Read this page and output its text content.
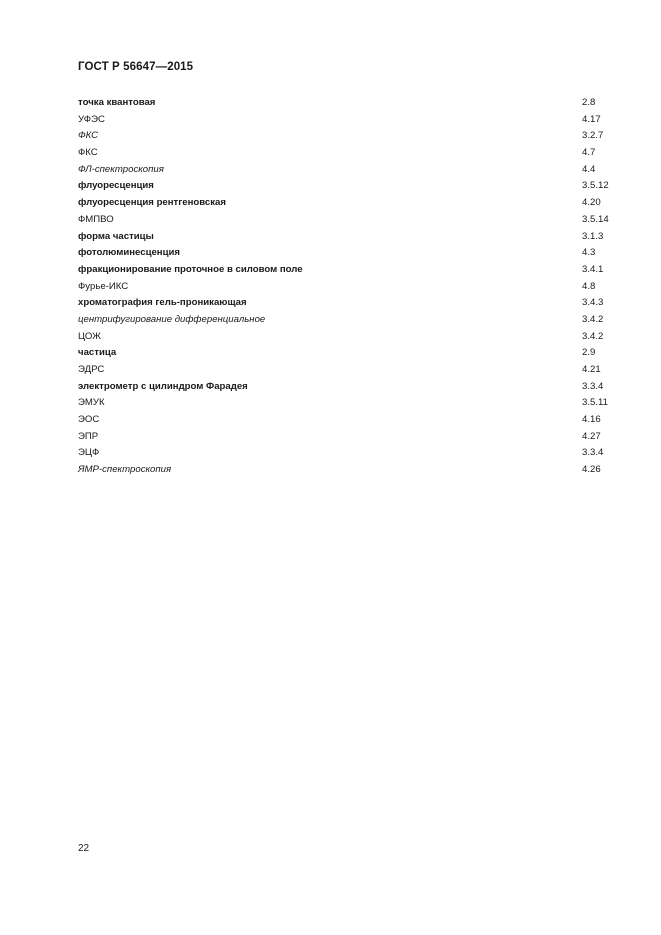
ГОСТ Р 56647—2015
точка квантовая	2.8
УФЭС	4.17
ФКС	3.2.7
ФКС	4.7
ФЛ-спектроскопия	4.4
флуоресценция	3.5.12
флуоресценция рентгеновская	4.20
ФМПВО	3.5.14
форма частицы	3.1.3
фотолюминесценция	4.3
фракционирование проточное в силовом поле	3.4.1
Фурье-ИКС	4.8
хроматография гель-проникающая	3.4.3
центрифугирование дифференциальное	3.4.2
ЦОЖ	3.4.2
частица	2.9
ЭДРС	4.21
электрометр с цилиндром Фарадея	3.3.4
ЭМУК	3.5.11
ЭОС	4.16
ЭПР	4.27
ЭЦФ	3.3.4
ЯМР-спектроскопия	4.26
22
